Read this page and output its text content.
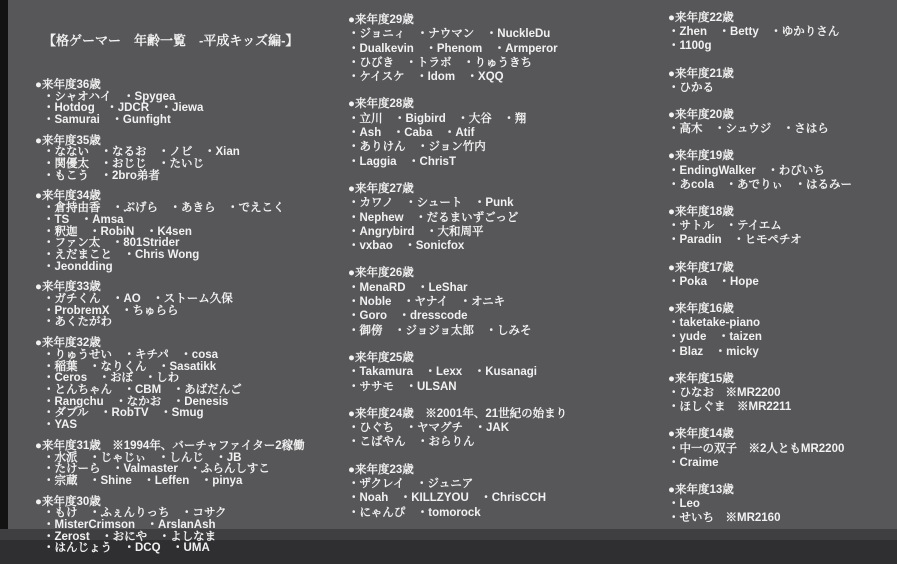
【格ゲーマー　年齢一覧　-平成キッズ編-】

●来年度36歳
・シャオハイ　・Spygea
・Hotdog　・JDCR　・Jiewa
・Samurai　・Gunfight
●来年度35歳
・なない　・なるお　・ノビ　・Xian
・関優太　・おじじ　・たいじ
・もこう　・2bro弟者
●来年度34歳
・倉持由香　・ぶげら　・あきら　・でえこく
・TS　・Amsa
・釈迦　・RobiN　・K4sen
・ファン太　・801Strider
・えだまこと　・Chris Wong
・Jeondding
●来年度33歳
・ガチくん　・AO　・ストーム久保
・ProbremX　・ちゅらら
・あくたがわ
●来年度32歳
・りゅうせい　・キチパ　・cosa
・稲葉　・なりくん　・Sasatikk
・Ceros　・おぼ　・しわ
・とんちゃん　・CBM　・あばだんご
・Rangchu　・なかお　・Denesis
・ダブル　・RobTV　・Smug
・YAS
●来年度31歳　※1994年、バーチャファイター2稼働
・水派　・じゃじぃ　・しんじ　・JB
・たけーら　・Valmaster　・ふらんしすこ
・宗蔵　・Shine　・Leffen　・pinya
●来年度30歳
・もけ　・ふぇんりっち　・コサク
・MisterCrimson　・ArslanAsh
・Zerost　・おにや　・よしなま
・はんじょう　・DCQ　・UMA
●来年度29歳
・ジョニィ　・ナウマン　・NuckleDu
・Dualkevin　・Phenom　・Armperor
・ひびき　・トラボ　・りゅうきち
・ケイスケ　・Idom　・XQQ
●来年度28歳
・立川　・Bigbird　・大谷　・翔
・Ash　・Caba　・Atif
・ありけん　・ジョン竹内
・Laggia　・ChrisT
●来年度27歳
・カワノ　・シュート　・Punk
・Nephew　・だるまいずごっど
・Angrybird　・大和周平
・vxbao　・Sonicfox
●来年度26歳
・MenaRD　・LeShar
・Noble　・ヤナイ　・オニキ
・Goro　・dresscode
・御傍　・ジョジョ太郎　・しみそ
●来年度25歳
・Takamura　・Lexx　・Kusanagi
・ササモ　・ULSAN
●来年度24歳　※2001年、21世紀の始まり
・ひぐち　・ヤマグチ　・JAK
・こばやん　・おらりん
●来年度23歳
・ザクレイ　・ジュニア
・Noah　・KILLZYOU　・ChrisCCH
・にゃんぴ　・tomorock
●来年度22歳
・Zhen　・Betty　・ゆかりさん
・1100g
●来年度21歳
・ひかる
●来年度20歳
・高木　・シュウジ　・さはら
●来年度19歳
・EndingWalker　・わびいち
・あcola　・あでりぃ　・はるみー
●来年度18歳
・サトル　・テイエム
・Paradin　・ヒモペチオ
●来年度17歳
・Poka　・Hope
●来年度16歳
・taketake-piano
・yude　・taizen
・Blaz　・micky
●来年度15歳
・ひなお　※MR2200
・ほしぐま　※MR2211
●来年度14歳
・中一の双子　※2人ともMR2200
・Craime
●来年度13歳
・Leo
・せいち　※MR2160
